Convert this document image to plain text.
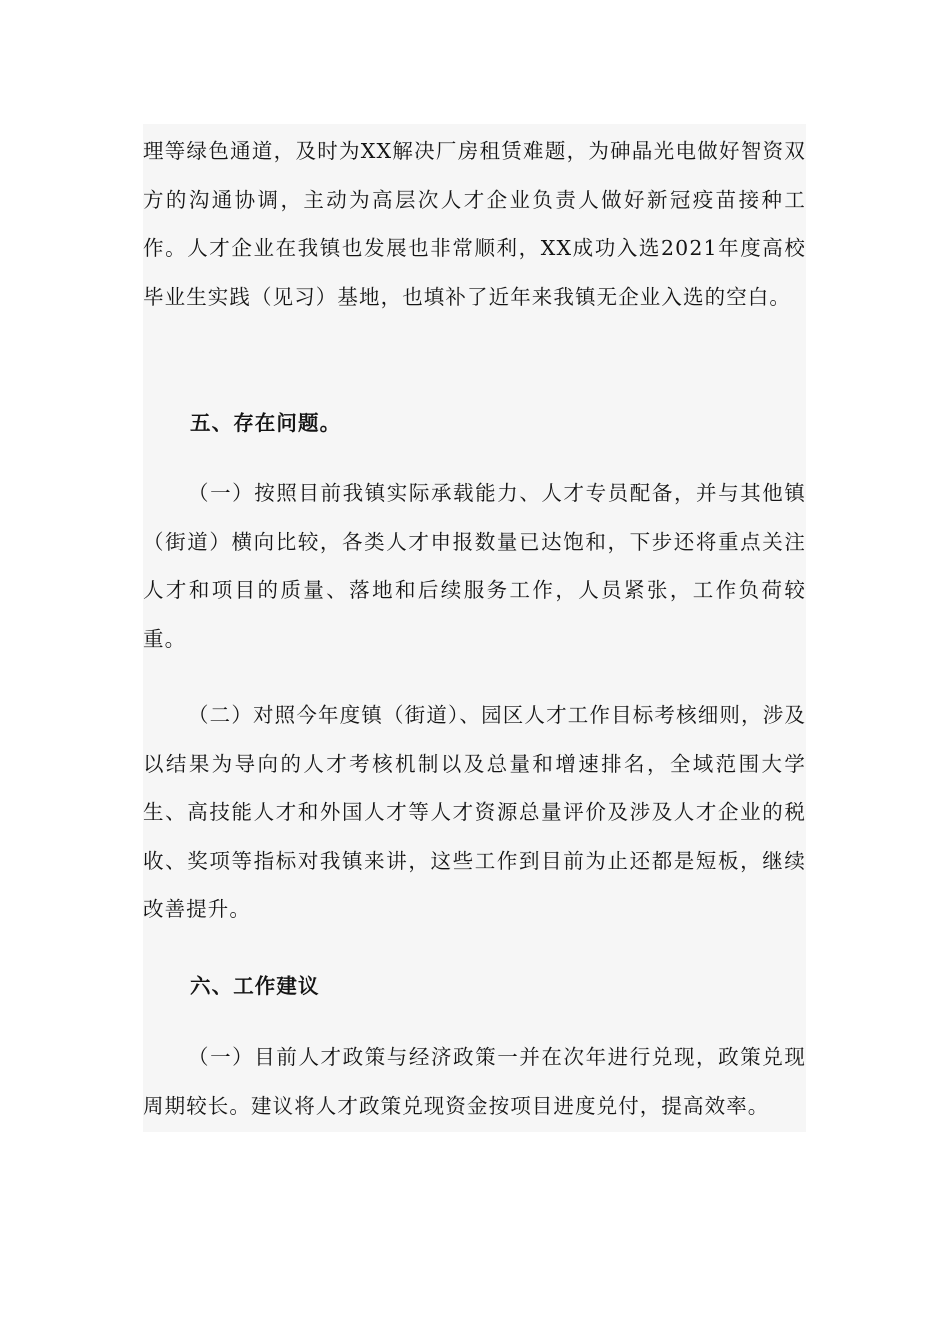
理等绿色通道，及时为XX解决厂房租赁难题，为砷晶光电做好智资双方的沟通协调，主动为高层次人才企业负责人做好新冠疫苗接种工作。人才企业在我镇也发展也非常顺利，XX成功入选2021年度高校毕业生实践（见习）基地，也填补了近年来我镇无企业入选的空白。

五、存在问题。

（一）按照目前我镇实际承载能力、人才专员配备，并与其他镇（街道）横向比较，各类人才申报数量已达饱和，下步还将重点关注人才和项目的质量、落地和后续服务工作，人员紧张，工作负荷较重。

（二）对照今年度镇（街道）、园区人才工作目标考核细则，涉及以结果为导向的人才考核机制以及总量和增速排名，全域范围大学生、高技能人才和外国人才等人才资源总量评价及涉及人才企业的税收、奖项等指标对我镇来讲，这些工作到目前为止还都是短板，继续改善提升。

六、工作建议

（一）目前人才政策与经济政策一并在次年进行兑现，政策兑现周期较长。建议将人才政策兑现资金按项目进度兑付，提高效率。
